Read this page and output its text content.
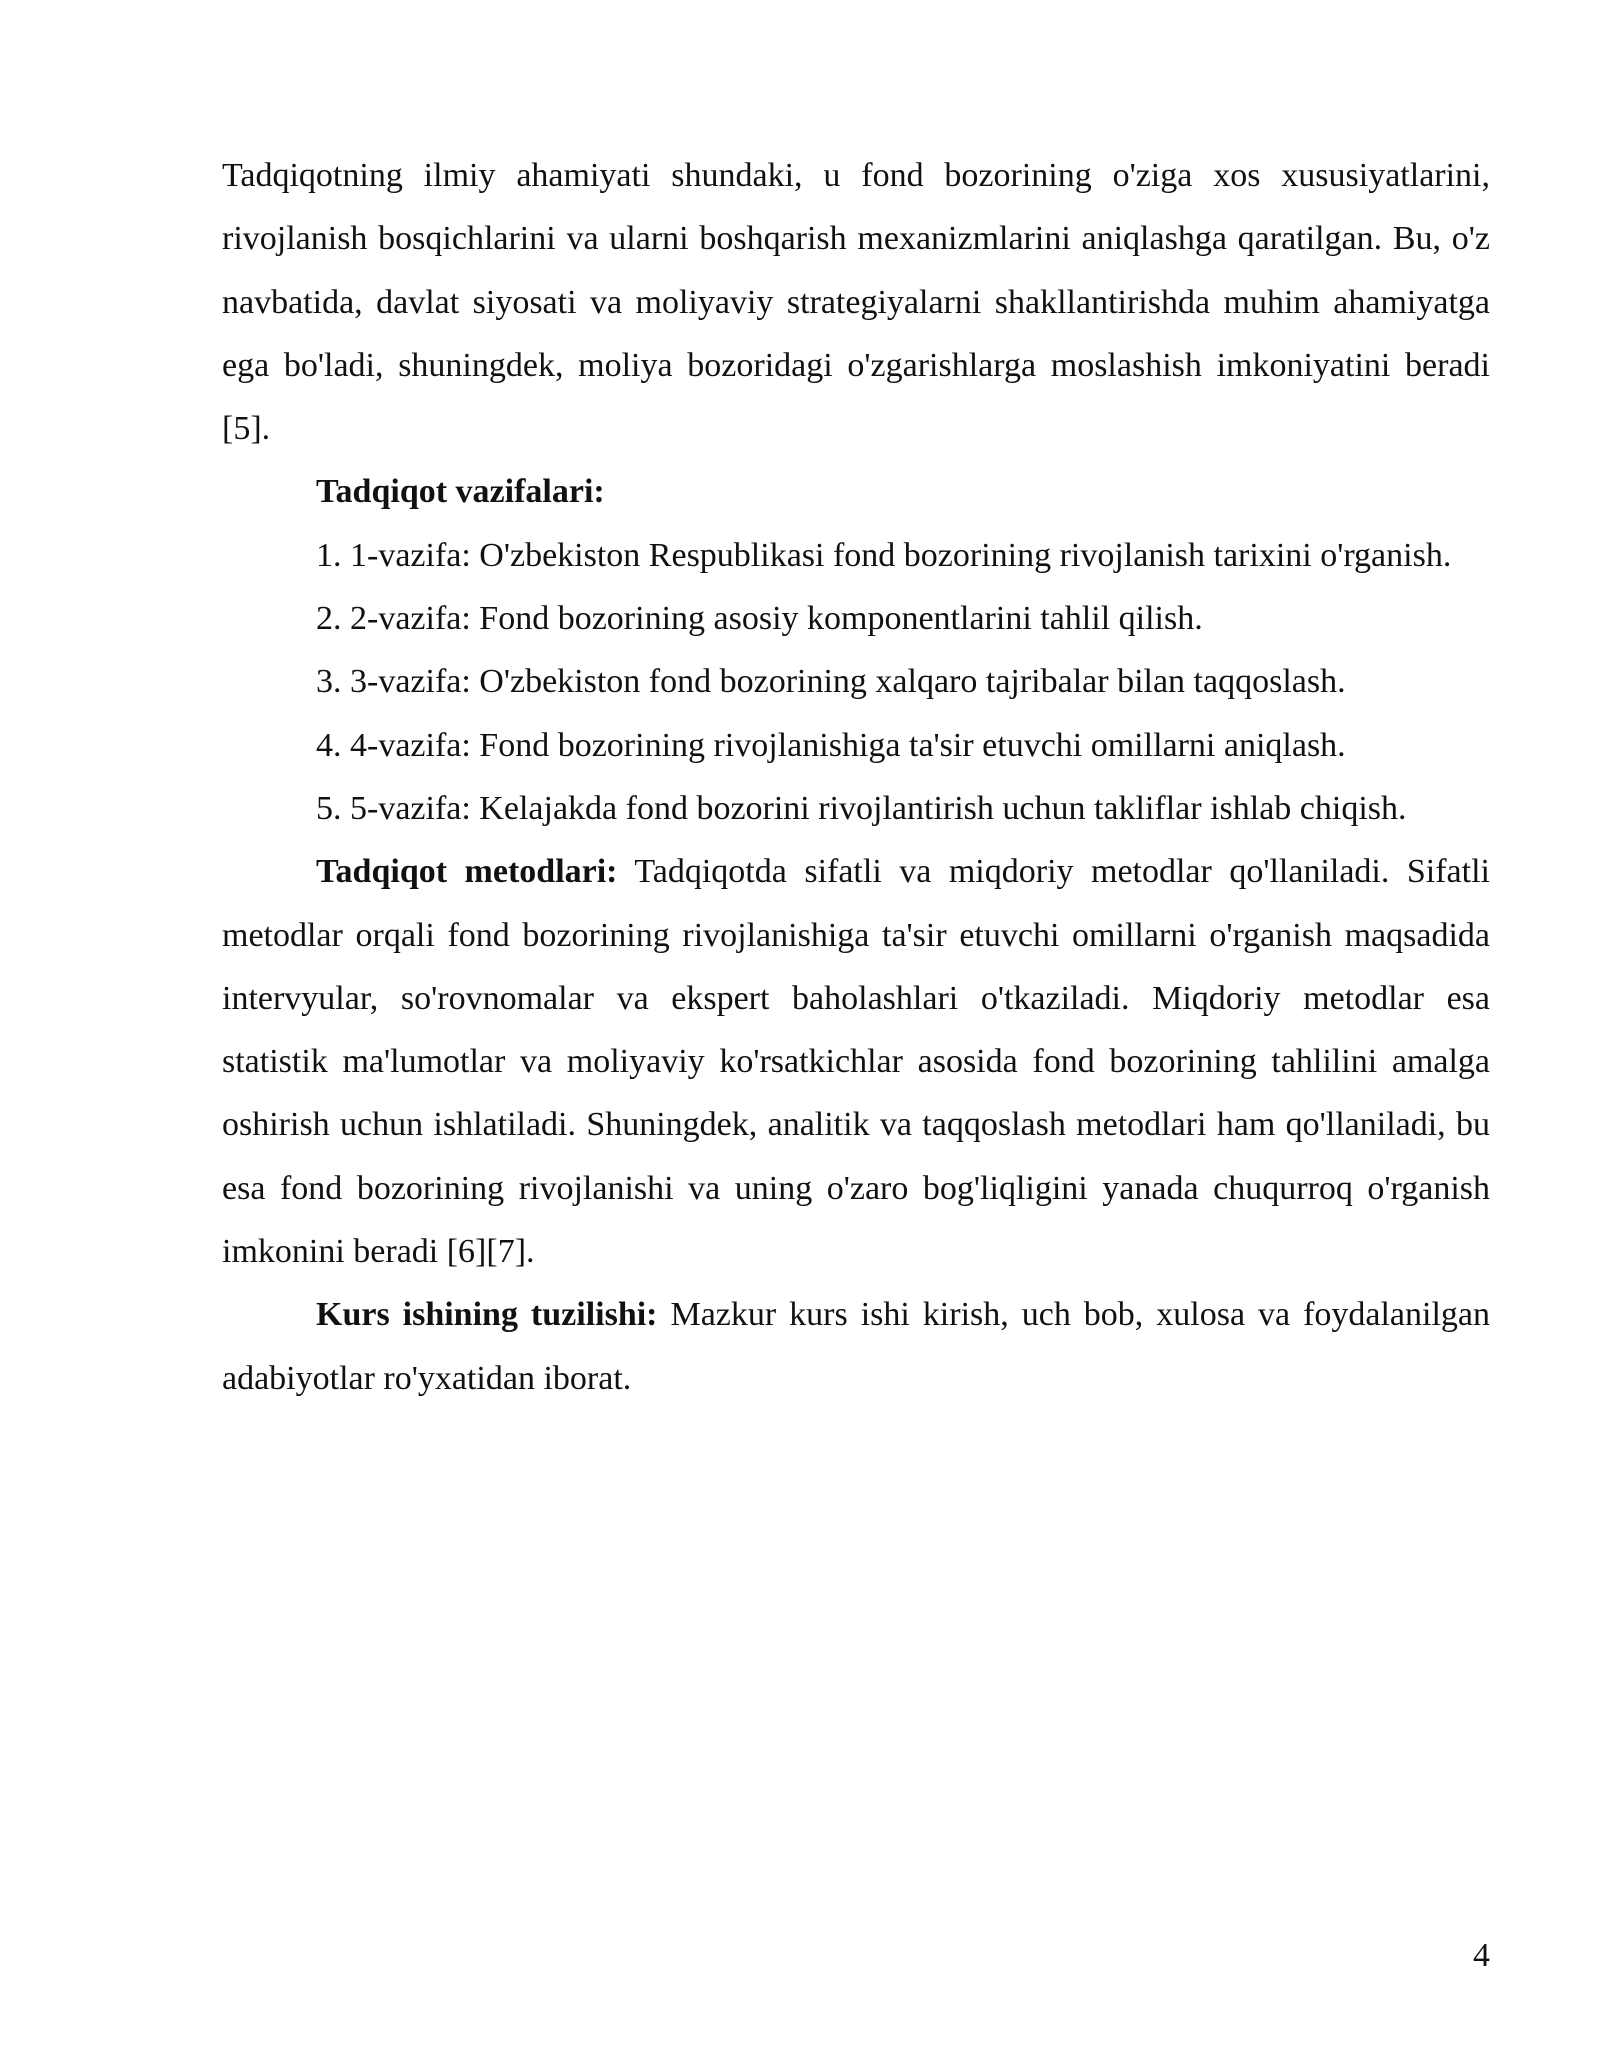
Tadqiqotning ilmiy ahamiyati shundaki, u fond bozorining o'ziga xos xususiyatlarini, rivojlanish bosqichlarini va ularni boshqarish mexanizmlarini aniqlashga qaratilgan. Bu, o'z navbatida, davlat siyosati va moliyaviy strategiyalarni shakllantirishda muhim ahamiyatga ega bo'ladi, shuningdek, moliya bozoridagi o'zgarishlarga moslashish imkoniyatini beradi [5].

Tadqiqot vazifalari:

1. 1-vazifa: O'zbekiston Respublikasi fond bozorining rivojlanish tarixini o'rganish.

2. 2-vazifa: Fond bozorining asosiy komponentlarini tahlil qilish.

3. 3-vazifa: O'zbekiston fond bozorining xalqaro tajribalar bilan taqqoslash.

4. 4-vazifa: Fond bozorining rivojlanishiga ta'sir etuvchi omillarni aniqlash.

5. 5-vazifa: Kelajakda fond bozorini rivojlantirish uchun takliflar ishlab chiqish.

Tadqiqot metodlari: Tadqiqotda sifatli va miqdoriy metodlar qo'llaniladi. Sifatli metodlar orqali fond bozorining rivojlanishiga ta'sir etuvchi omillarni o'rganish maqsadida intervyular, so'rovnomalar va ekspert baholashlari o'tkaziladi. Miqdoriy metodlar esa statistik ma'lumotlar va moliyaviy ko'rsatkichlar asosida fond bozorining tahlilini amalga oshirish uchun ishlatiladi. Shuningdek, analitik va taqqoslash metodlari ham qo'llaniladi, bu esa fond bozorining rivojlanishi va uning o'zaro bog'liqligini yanada chuqurroq o'rganish imkonini beradi [6][7].

Kurs ishining tuzilishi: Mazkur kurs ishi kirish, uch bob, xulosa va foydalanilgan adabiyotlar ro'yxatidan iborat.

4
